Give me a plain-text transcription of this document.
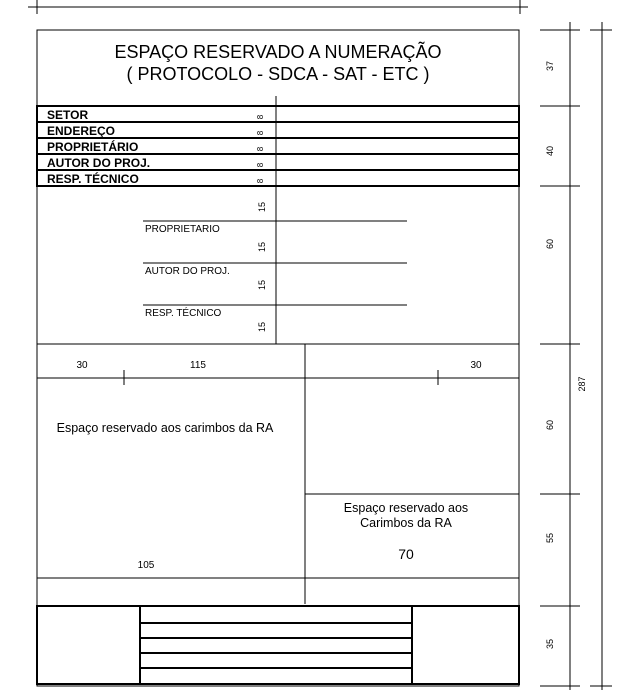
ESPAÇO RESERVADO A NUMERAÇÃO
( PROTOCOLO - SDCA - SAT - ETC )
SETOR
ENDEREÇO
PROPRIETÁRIO
AUTOR DO PROJ.
RESP. TÉCNICO
8
8
8
8
8
15
PROPRIETARIO
AUTOR DO PROJ.
RESP. TÉCNICO
15
15
15
30	115	30
Espaço reservado aos carimbos da RA
105
Espaço reservado aos
Carimbos da RA
70
37
40
60
60
55
35
287
